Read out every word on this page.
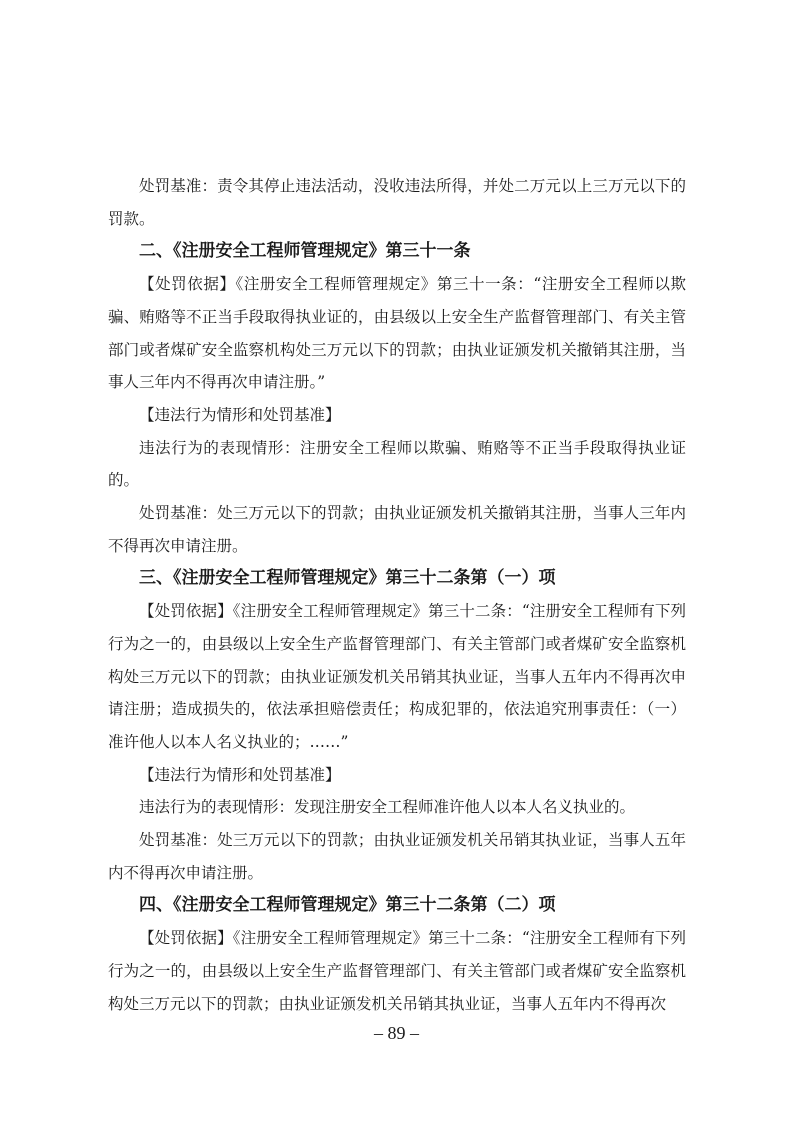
处罚基准：责令其停止违法活动，没收违法所得，并处二万元以上三万元以下的罚款。

二、《注册安全工程师管理规定》第三十一条

【处罚依据】《注册安全工程师管理规定》第三十一条：“注册安全工程师以欺骗、贿赂等不正当手段取得执业证的，由县级以上安全生产监督管理部门、有关主管部门或者煤矿安全监察机构处三万元以下的罚款；由执业证颁发机关撤销其注册，当事人三年内不得再次申请注册。”

【违法行为情形和处罚基准】

违法行为的表现情形：注册安全工程师以欺骗、贿赂等不正当手段取得执业证的。

处罚基准：处三万元以下的罚款；由执业证颁发机关撤销其注册，当事人三年内不得再次申请注册。

三、《注册安全工程师管理规定》第三十二条第（一）项

【处罚依据】《注册安全工程师管理规定》第三十二条：“注册安全工程师有下列行为之一的，由县级以上安全生产监督管理部门、有关主管部门或者煤矿安全监察机构处三万元以下的罚款；由执业证颁发机关吊销其执业证，当事人五年内不得再次申请注册；造成损失的，依法承担赔偿责任；构成犯罪的，依法追究刑事责任：（一）准许他人以本人名义执业的；……”

【违法行为情形和处罚基准】

违法行为的表现情形：发现注册安全工程师准许他人以本人名义执业的。

处罚基准：处三万元以下的罚款；由执业证颁发机关吊销其执业证，当事人五年内不得再次申请注册。

四、《注册安全工程师管理规定》第三十二条第（二）项

【处罚依据】《注册安全工程师管理规定》第三十二条：“注册安全工程师有下列行为之一的，由县级以上安全生产监督管理部门、有关主管部门或者煤矿安全监察机构处三万元以下的罚款；由执业证颁发机关吊销其执业证，当事人五年内不得再次

– 89 –
